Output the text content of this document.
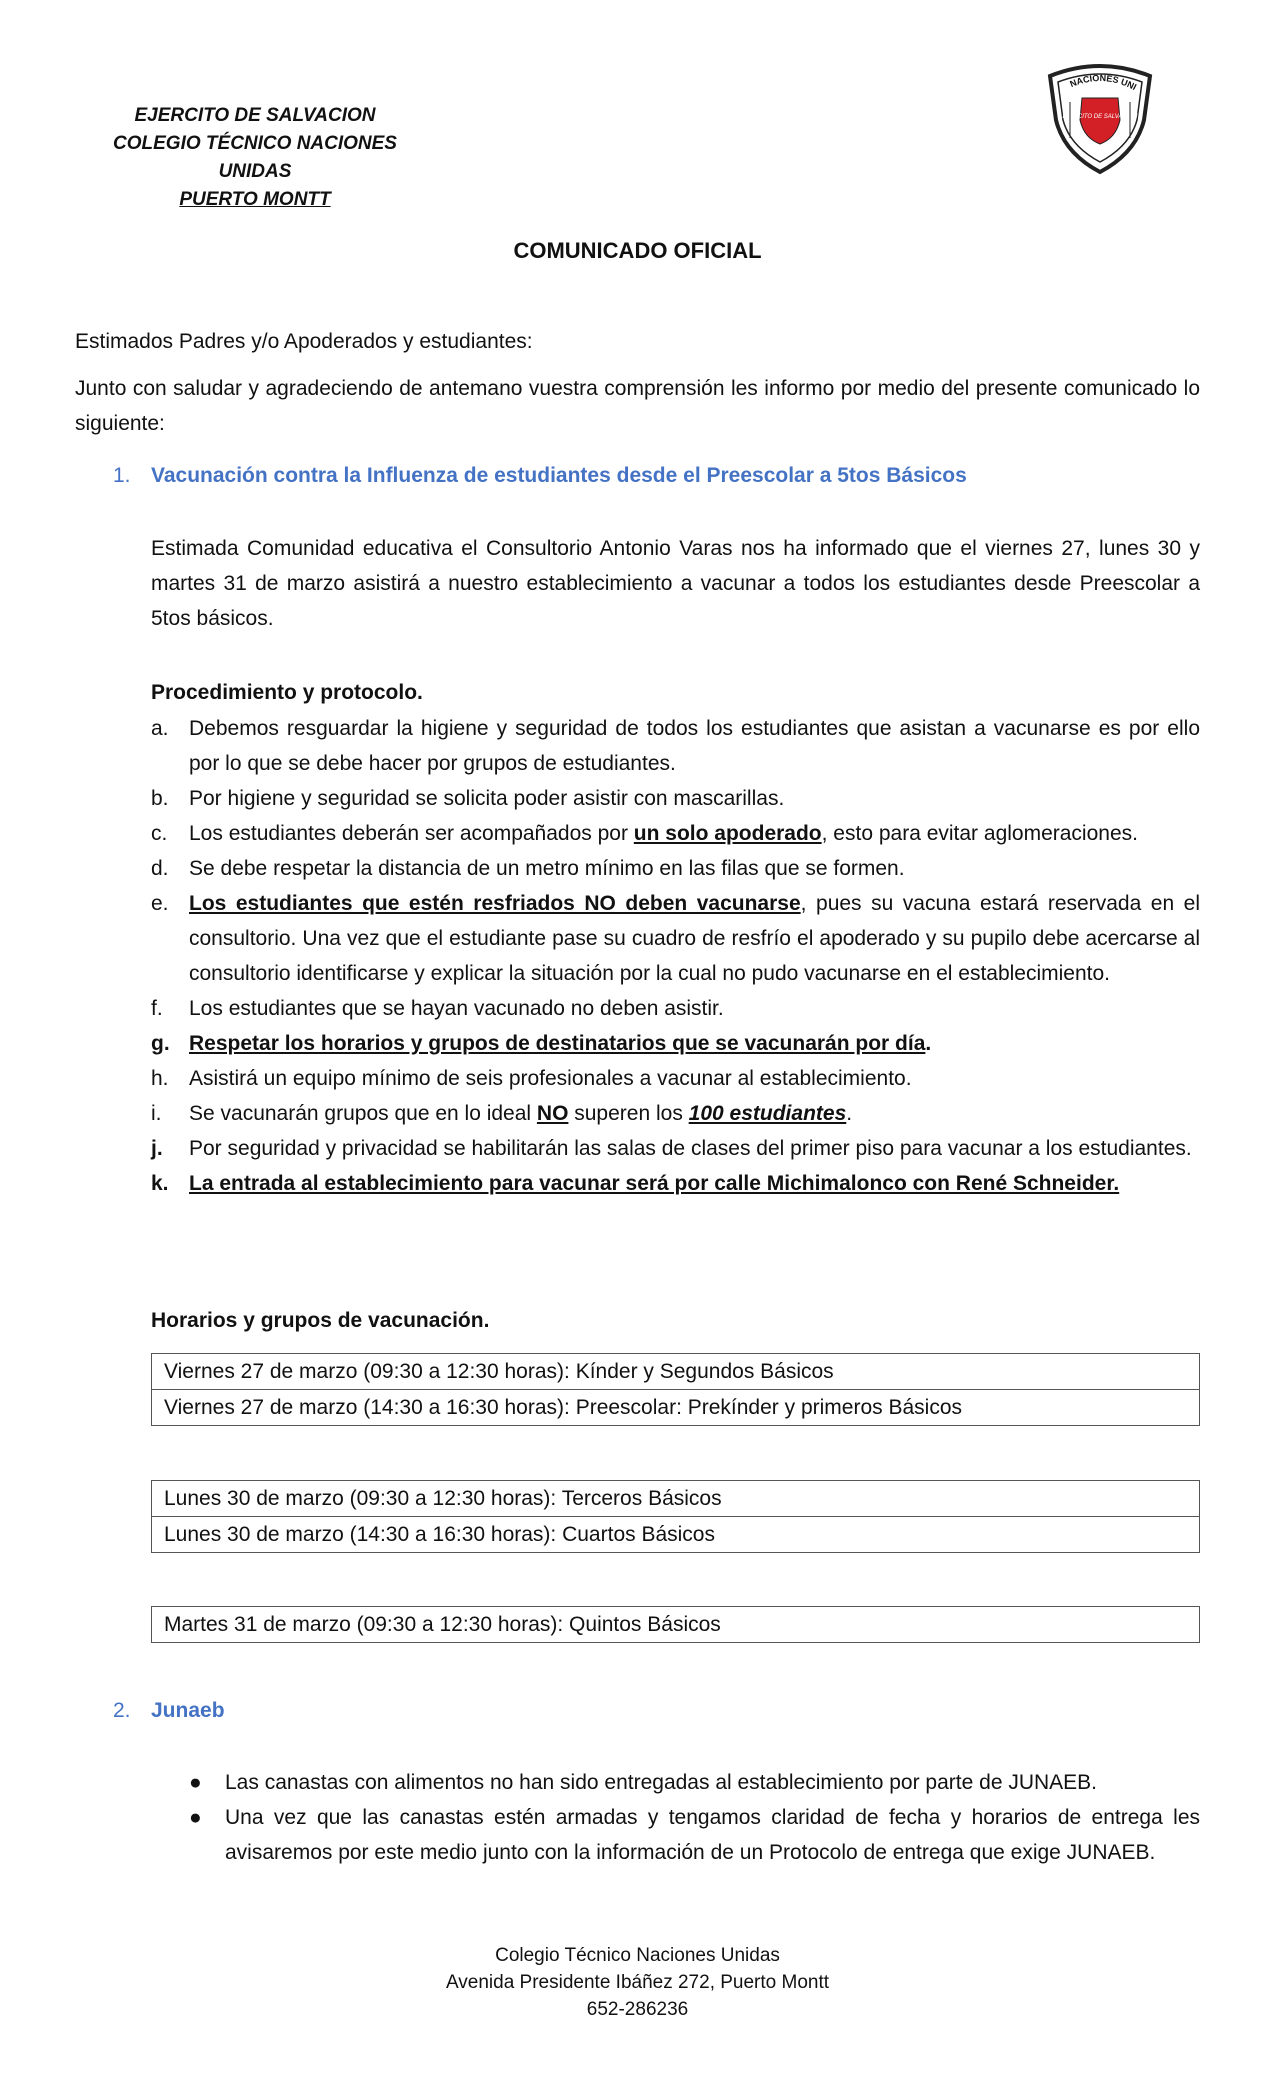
EJERCITO DE SALVACION
COLEGIO TÉCNICO NACIONES UNIDAS
PUERTO MONTT
NACIONES UNI
EJERCITO DE SALVACION
COMUNICADO OFICIAL
Estimados Padres y/o Apoderados y estudiantes:
Junto con saludar y agradeciendo de antemano vuestra comprensión les informo por medio del presente comunicado lo siguiente:
1. Vacunación contra la Influenza de estudiantes desde el Preescolar a 5tos Básicos
Estimada Comunidad educativa el Consultorio Antonio Varas nos ha informado que el viernes 27, lunes 30 y martes 31 de marzo asistirá a nuestro establecimiento a vacunar a todos los estudiantes desde Preescolar a 5tos básicos.
Procedimiento y protocolo.
a. Debemos resguardar la higiene y seguridad de todos los estudiantes que asistan a vacunarse es por ello por lo que se debe hacer por grupos de estudiantes.
b. Por higiene y seguridad se solicita poder asistir con mascarillas.
c. Los estudiantes deberán ser acompañados por un solo apoderado, esto para evitar aglomeraciones.
d. Se debe respetar la distancia de un metro mínimo en las filas que se formen.
e. Los estudiantes que estén resfriados NO deben vacunarse, pues su vacuna estará reservada en el consultorio. Una vez que el estudiante pase su cuadro de resfrío el apoderado y su pupilo debe acercarse al consultorio identificarse y explicar la situación por la cual no pudo vacunarse en el establecimiento.
f. Los estudiantes que se hayan vacunado no deben asistir.
g. Respetar los horarios y grupos de destinatarios que se vacunarán por día.
h. Asistirá un equipo mínimo de seis profesionales a vacunar al establecimiento.
i. Se vacunarán grupos que en lo ideal NO superen los 100 estudiantes.
j. Por seguridad y privacidad se habilitarán las salas de clases del primer piso para vacunar a los estudiantes.
k. La entrada al establecimiento para vacunar será por calle Michimalonco con René Schneider.
Horarios y grupos de vacunación.
Viernes 27 de marzo (09:30 a 12:30 horas): Kínder y Segundos Básicos
Viernes 27 de marzo (14:30 a 16:30 horas): Preescolar: Prekínder y primeros Básicos
Lunes 30 de marzo (09:30 a 12:30 horas): Terceros Básicos
Lunes 30 de marzo (14:30 a 16:30 horas): Cuartos Básicos
Martes 31 de marzo (09:30 a 12:30 horas): Quintos Básicos
2. Junaeb
● Las canastas con alimentos no han sido entregadas al establecimiento por parte de JUNAEB.
● Una vez que las canastas estén armadas y tengamos claridad de fecha y horarios de entrega les avisaremos por este medio junto con la información de un Protocolo de entrega que exige JUNAEB.
Colegio Técnico Naciones Unidas
Avenida Presidente Ibáñez 272, Puerto Montt
652-286236
